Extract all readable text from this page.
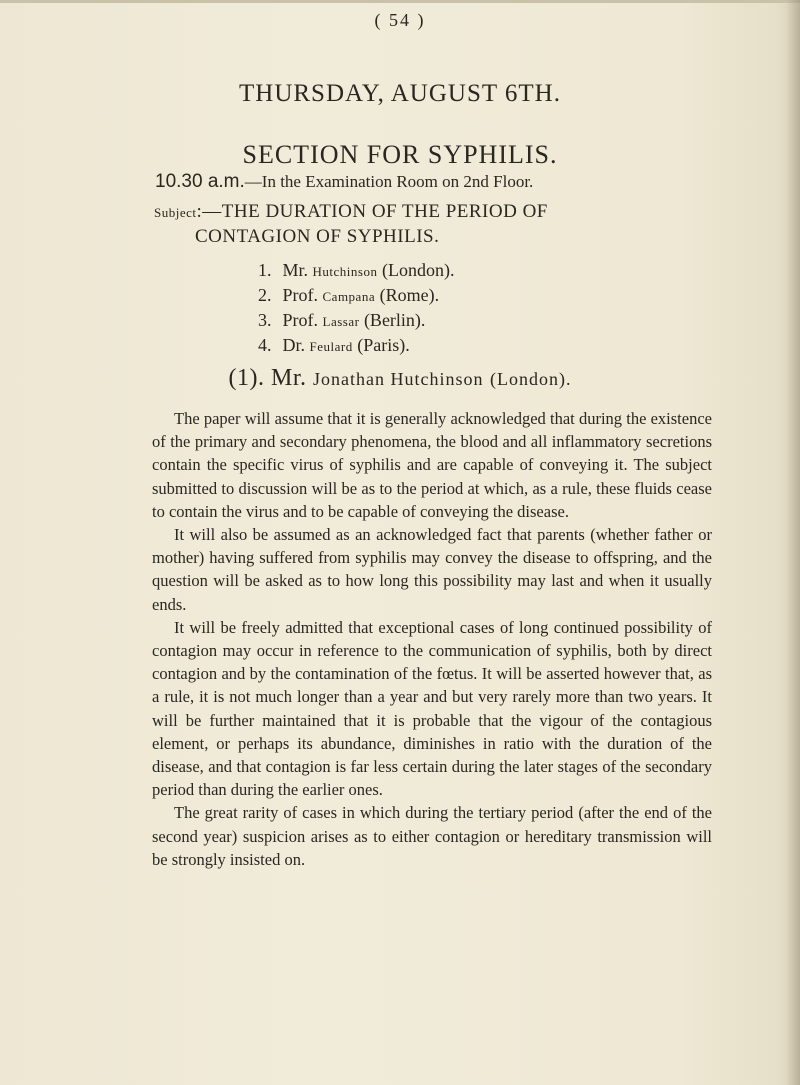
( 54 )
THURSDAY, AUGUST 6TH.
SECTION FOR SYPHILIS.
10.30 a.m.—In the Examination Room on 2nd Floor.
Subject:—THE DURATION OF THE PERIOD OF
CONTAGION OF SYPHILIS.
1. Mr. Hutchinson (London).
2. Prof. Campana (Rome).
3. Prof. Lassar (Berlin).
4. Dr. Feulard (Paris).
(1). Mr. Jonathan Hutchinson (London).

The paper will assume that it is generally acknowledged that during the existence of the primary and secondary phenomena, the blood and all inflammatory secretions contain the specific virus of syphilis and are capable of conveying it. The subject submitted to discussion will be as to the period at which, as a rule, these fluids cease to contain the virus and to be capable of conveying the disease.

It will also be assumed as an acknowledged fact that parents (whether father or mother) having suffered from syphilis may convey the disease to offspring, and the question will be asked as to how long this possibility may last and when it usually ends.

It will be freely admitted that exceptional cases of long continued possibility of contagion may occur in reference to the communication of syphilis, both by direct contagion and by the contamination of the fœtus. It will be asserted however that, as a rule, it is not much longer than a year and but very rarely more than two years. It will be further maintained that it is probable that the vigour of the contagious element, or perhaps its abundance, diminishes in ratio with the duration of the disease, and that contagion is far less certain during the later stages of the secondary period than during the earlier ones.

The great rarity of cases in which during the tertiary period (after the end of the second year) suspicion arises as to either contagion or hereditary transmission will be strongly insisted on.
